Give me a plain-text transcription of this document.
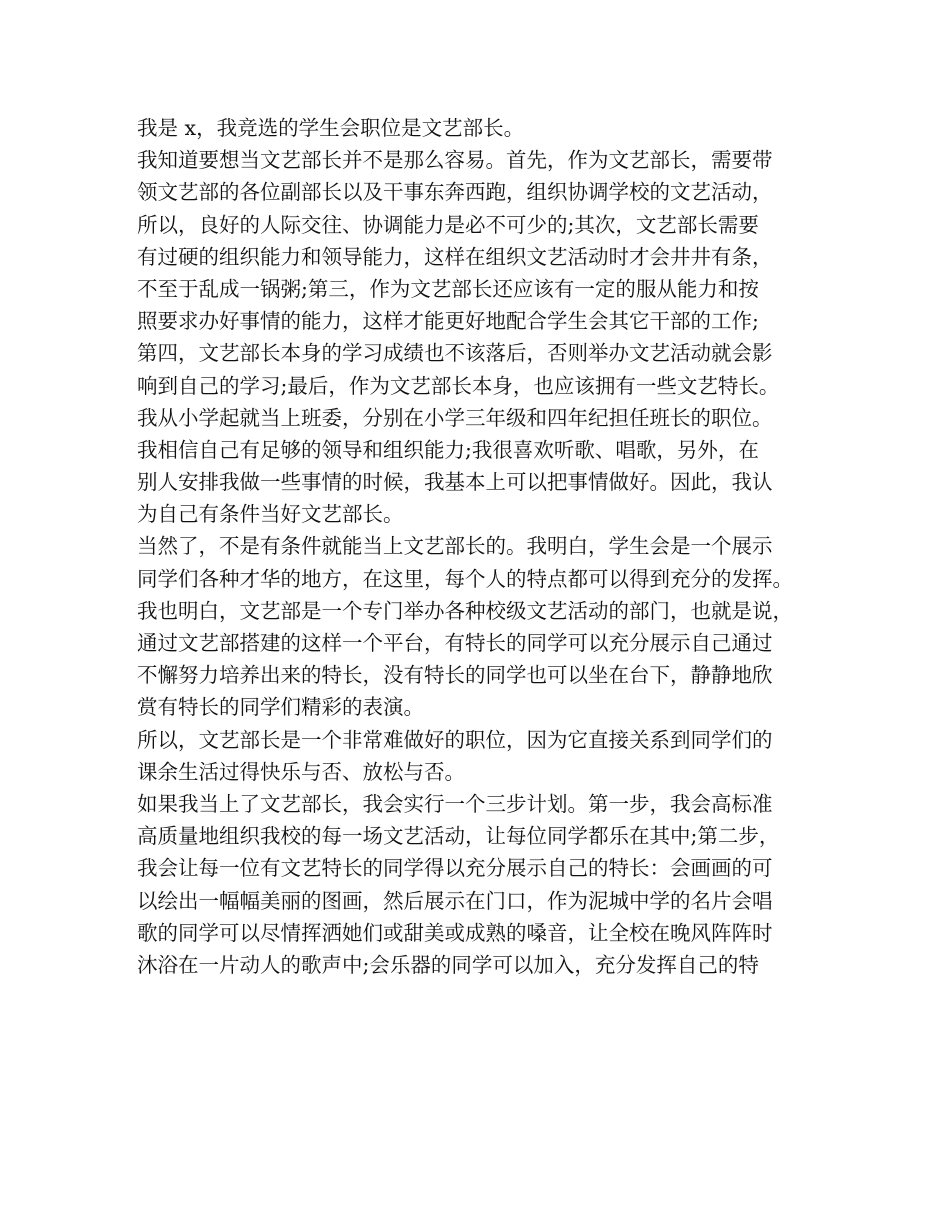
我是 x，我竞选的学生会职位是文艺部长。
我知道要想当文艺部长并不是那么容易。首先，作为文艺部长，需要带
领文艺部的各位副部长以及干事东奔西跑，组织协调学校的文艺活动，
所以，良好的人际交往、协调能力是必不可少的;其次，文艺部长需要
有过硬的组织能力和领导能力，这样在组织文艺活动时才会井井有条，
不至于乱成一锅粥;第三，作为文艺部长还应该有一定的服从能力和按
照要求办好事情的能力，这样才能更好地配合学生会其它干部的工作;
第四，文艺部长本身的学习成绩也不该落后，否则举办文艺活动就会影
响到自己的学习;最后，作为文艺部长本身，也应该拥有一些文艺特长。
我从小学起就当上班委，分别在小学三年级和四年纪担任班长的职位。
我相信自己有足够的领导和组织能力;我很喜欢听歌、唱歌，另外，在
别人安排我做一些事情的时候，我基本上可以把事情做好。因此，我认
为自己有条件当好文艺部长。
当然了，不是有条件就能当上文艺部长的。我明白，学生会是一个展示
同学们各种才华的地方，在这里，每个人的特点都可以得到充分的发挥。
我也明白，文艺部是一个专门举办各种校级文艺活动的部门，也就是说，
通过文艺部搭建的这样一个平台，有特长的同学可以充分展示自己通过
不懈努力培养出来的特长，没有特长的同学也可以坐在台下，静静地欣
赏有特长的同学们精彩的表演。
所以，文艺部长是一个非常难做好的职位，因为它直接关系到同学们的
课余生活过得快乐与否、放松与否。
如果我当上了文艺部长，我会实行一个三步计划。第一步，我会高标准
高质量地组织我校的每一场文艺活动，让每位同学都乐在其中;第二步，
我会让每一位有文艺特长的同学得以充分展示自己的特长：会画画的可
以绘出一幅幅美丽的图画，然后展示在门口，作为泥城中学的名片会唱
歌的同学可以尽情挥洒她们或甜美或成熟的嗓音，让全校在晚风阵阵时
沐浴在一片动人的歌声中;会乐器的同学可以加入，充分发挥自己的特
